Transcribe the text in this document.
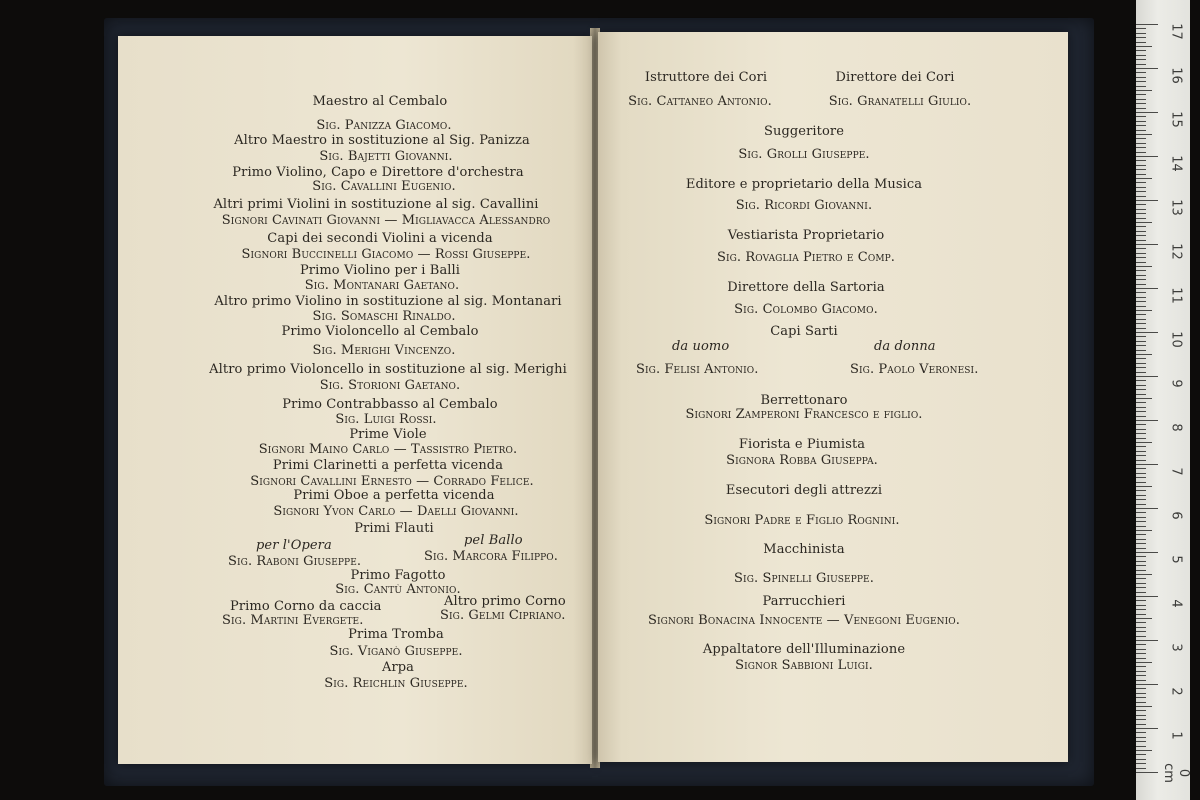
Maestro al Cembalo
Sig. Panizza Giacomo.
Altro Maestro in sostituzione al Sig. Panizza
Sig. Bajetti Giovanni.
Primo Violino, Capo e Direttore d'orchestra
Sig. Cavallini Eugenio.
Altri primi Violini in sostituzione al sig. Cavallini
Signori Cavinati Giovanni — Migliavacca Alessandro
Capi dei secondi Violini a vicenda
Signori Buccinelli Giacomo — Rossi Giuseppe.
Primo Violino per i Balli
Sig. Montanari Gaetano.
Altro primo Violino in sostituzione al sig. Montanari
Sig. Somaschi Rinaldo.
Primo Violoncello al Cembalo
Sig. Merighi Vincenzo.
Altro primo Violoncello in sostituzione al sig. Merighi
Sig. Storioni Gaetano.
Primo Contrabbasso al Cembalo
Sig. Luigi Rossi.
Prime Viole
Signori Maino Carlo — Tassistro Pietro.
Primi Clarinetti a perfetta vicenda
Signori Cavallini Ernesto — Corrado Felice.
Primi Oboe a perfetta vicenda
Signori Yvon Carlo — Daelli Giovanni.
Primi Flauti
per l'Opera	pel Ballo
Sig. Raboni Giuseppe.	Sig. Marcora Filippo.
Primo Fagotto
Sig. Cantù Antonio.
Primo Corno da caccia	Altro primo Corno
Sig. Martini Evergete.	Sig. Gelmi Cipriano.
Prima Tromba
Sig. Viganò Giuseppe.
Arpa
Sig. Reichlin Giuseppe.
Istruttore dei Cori	Direttore dei Cori
Sig. Cattaneo Antonio.	Sig. Granatelli Giulio.
Suggeritore
Sig. Grolli Giuseppe.
Editore e proprietario della Musica
Sig. Ricordi Giovanni.
Vestiarista Proprietario
Sig. Rovaglia Pietro e Comp.
Direttore della Sartoria
Sig. Colombo Giacomo.
Capi Sarti
da uomo	da donna
Sig. Felisi Antonio.	Sig. Paolo Veronesi.
Berrettonaro
Signori Zamperoni Francesco e figlio.
Fiorista e Piumista
Signora Robba Giuseppa.
Esecutori degli attrezzi
Signori Padre e Figlio Rognini.
Macchinista
Sig. Spinelli Giuseppe.
Parrucchieri
Signori Bonacina Innocente — Venegoni Eugenio.
Appaltatore dell'Illuminazione
Signor Sabbioni Luigi.
0 cm
1
2
3
4
5
6
7
8
9
10
11
12
13
14
15
16
17
